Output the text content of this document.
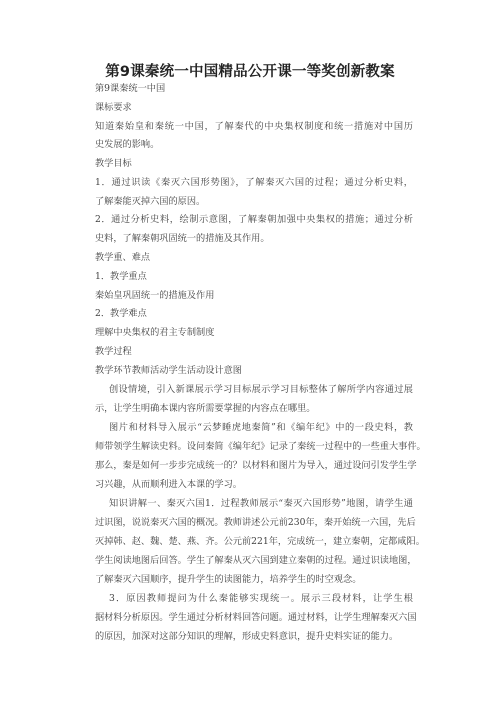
第9课秦统一中国精品公开课一等奖创新教案
第9课秦统一中国
课标要求
知道秦始皇和秦统一中国，了解秦代的中央集权制度和统一措施对中国历
史发展的影响。
教学目标
1．通过识读《秦灭六国形势图》，了解秦灭六国的过程；通过分析史料，
了解秦能灭掉六国的原因。
2．通过分析史料，绘制示意图，了解秦朝加强中央集权的措施；通过分析
史料，了解秦朝巩固统一的措施及其作用。
教学重、难点
1．教学重点
秦始皇巩固统一的措施及作用
2．教学难点
理解中央集权的君主专制制度
教学过程
教学环节教师活动学生活动设计意图
创设情境，引入新课展示学习目标展示学习目标整体了解所学内容通过展
示，让学生明确本课内容所需要掌握的内容点在哪里。
图片和材料导入展示“云梦睡虎地秦简”和《编年纪》中的一段史料，教
师带领学生解读史料。设问秦简《编年纪》记录了秦统一过程中的一些重大事件。
那么，秦是如何一步步完成统一的？以材料和图片为导入，通过设问引发学生学
习兴趣，从而顺利进入本课的学习。
知识讲解一、秦灭六国1．过程教师展示“秦灭六国形势”地图，请学生通
过识图，说说秦灭六国的概况。教师讲述公元前230年，秦开始统一六国，先后
灭掉韩、赵、魏、楚、燕、齐。公元前221年，完成统一，建立秦朝，定都咸阳。
学生阅读地图后回答。学生了解秦从灭六国到建立秦朝的过程。通过识读地图，
了解秦灭六国顺序，提升学生的读图能力，培养学生的时空观念。
3．原因教师提问为什么秦能够实现统一。展示三段材料，让学生根
据材料分析原因。学生通过分析材料回答问题。通过材料，让学生理解秦灭六国
的原因，加深对这部分知识的理解，形成史料意识，提升史料实证的能力。
